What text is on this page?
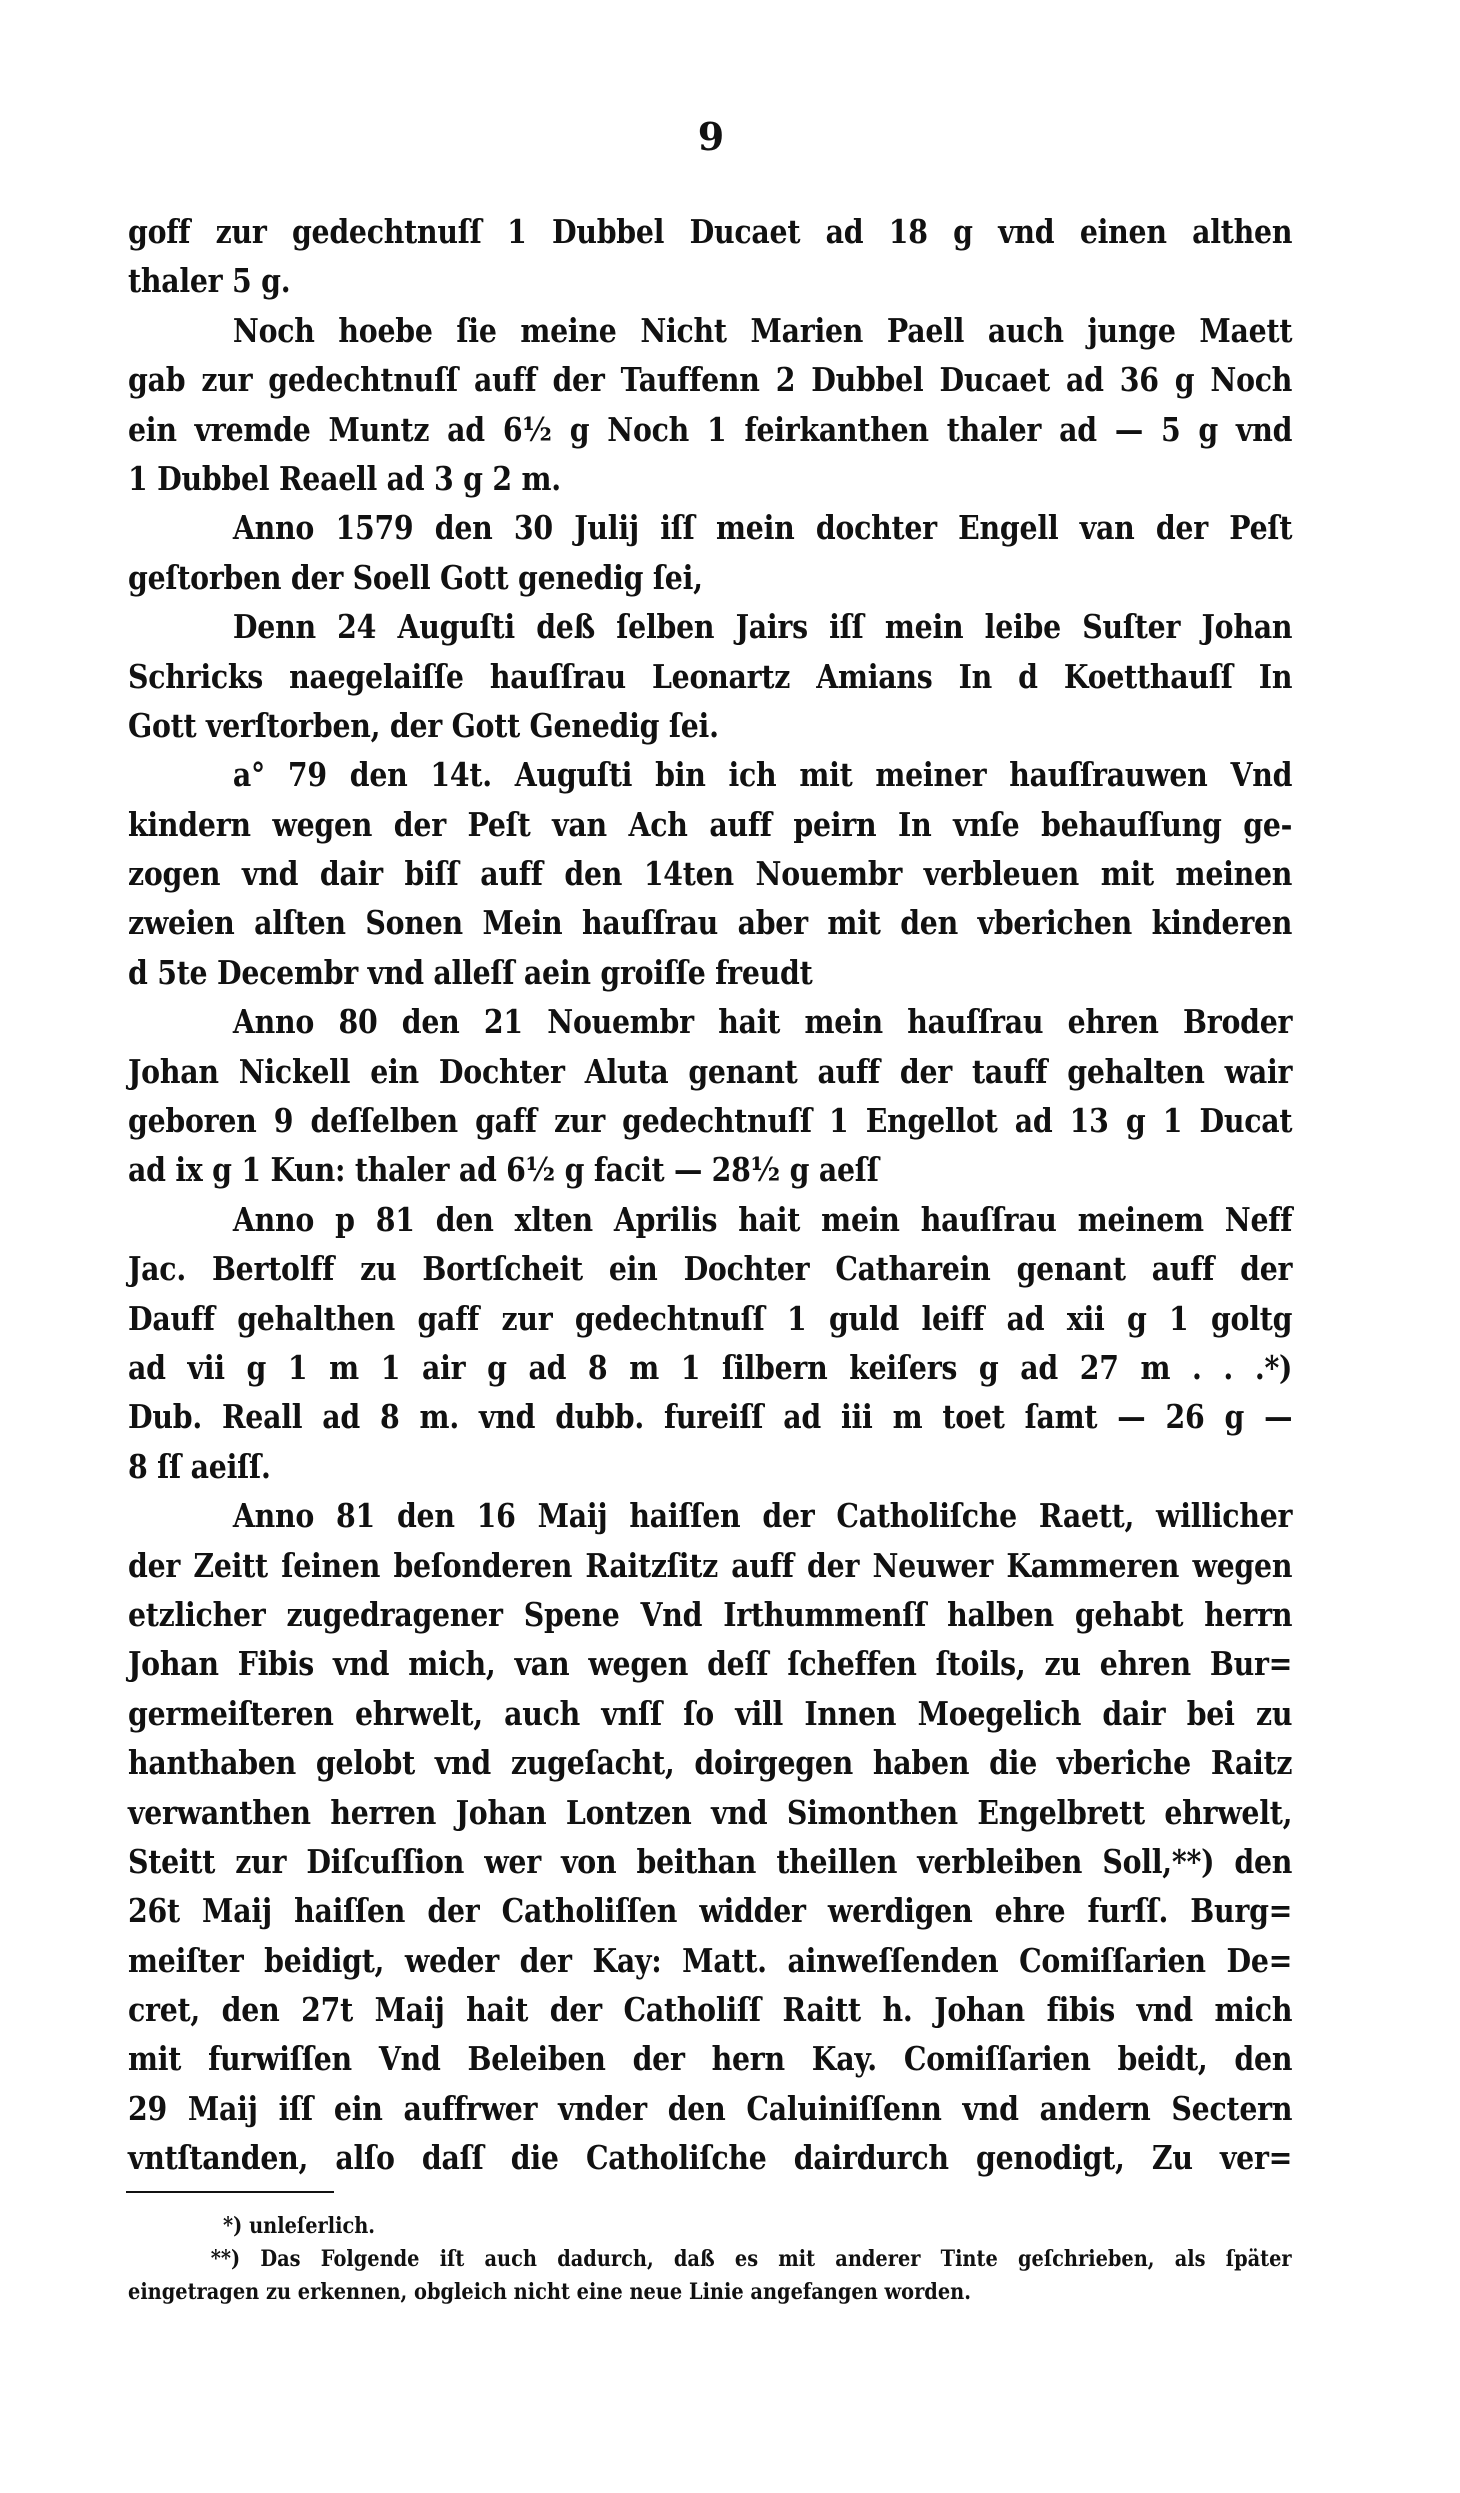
9
goff zur gedechtnuſſ 1 Dubbel Ducaet ad 18 g vnd einen althen
thaler 5 g.
Noch hoebe ſie meine Nicht Marien Paell auch junge Maett
gab zur gedechtnuſſ auff der Tauffenn 2 Dubbel Ducaet ad 36 g Noch
ein vremde Muntz ad 6½ g Noch 1 feirkanthen thaler ad — 5 g vnd
1 Dubbel Reaell ad 3 g 2 m.
Anno 1579 den 30 Julij iſſ mein dochter Engell van der Peſt
geſtorben der Soell Gott genedig ſei,
Denn 24 Auguſti deß ſelben Jairs iſſ mein leibe Suſter Johan
Schricks naegelaiſſe hauſſrau Leonartz Amians In d Koetthauſſ In
Gott verſtorben, der Gott Genedig ſei.
a° 79 den 14t. Auguſti bin ich mit meiner hauſſrauwen Vnd
kindern wegen der Peſt van Ach auff peirn In vnſe behauſſung ge-
zogen vnd dair biſſ auff den 14ten Nouembr verbleuen mit meinen
zweien alſten Sonen Mein hauſſrau aber mit den vberichen kinderen
d 5te Decembr vnd alleſſ aein groiſſe freudt
Anno 80 den 21 Nouembr hait mein hauſſrau ehren Broder
Johan Nickell ein Dochter Aluta genant auff der tauff gehalten wair
geboren 9 deſſelben gaff zur gedechtnuſſ 1 Engellot ad 13 g 1 Ducat
ad ix g 1 Kun: thaler ad 6½ g facit — 28½ g aeſſ
Anno p 81 den xlten Aprilis hait mein hauſſrau meinem Neff
Jac. Bertolff zu Bortſcheit ein Dochter Catharein genant auff der
Dauff gehalthen gaff zur gedechtnuſſ 1 guld leiff ad xii g 1 goltg
ad vii g 1 m 1 air g ad 8 m 1 ſilbern keiſers g ad 27 m . . .*)
Dub. Reall ad 8 m. vnd dubb. fureiſſ ad iii m toet ſamt — 26 g —
8 ſſ aeiſſ.
Anno 81 den 16 Maij haiſſen der Catholiſche Raett, willicher
der Zeitt ſeinen beſonderen Raitzſitz auff der Neuwer Kammeren wegen
etzlicher zugedragener Spene Vnd Irthummenſſ halben gehabt herrn
Johan Fibis vnd mich, van wegen deſſ ſcheffen ſtoils, zu ehren Bur=
germeiſteren ehrwelt, auch vnſſ ſo vill Innen Moegelich dair bei zu
hanthaben gelobt vnd zugeſacht, doirgegen haben die vberiche Raitz
verwanthen herren Johan Lontzen vnd Simonthen Engelbrett ehrwelt,
Steitt zur Diſcuſſion wer von beithan theillen verbleiben Soll,**) den
26t Maij haiſſen der Catholiſſen widder werdigen ehre furſſ. Burg=
meiſter beidigt, weder der Kay: Matt. ainweſſenden Comiſſarien De=
cret, den 27t Maij hait der Catholiſſ Raitt h. Johan fibis vnd mich
mit furwiſſen Vnd Beleiben der hern Kay. Comiſſarien beidt, den
29 Maij iſſ ein auffrwer vnder den Caluiniſſenn vnd andern Sectern
vntſtanden, alſo daſſ die Catholiſche dairdurch genodigt, Zu ver=
*) unleſerlich.
**) Das Folgende iſt auch dadurch, daß es mit anderer Tinte geſchrieben, als ſpäter
eingetragen zu erkennen, obgleich nicht eine neue Linie angefangen worden.
